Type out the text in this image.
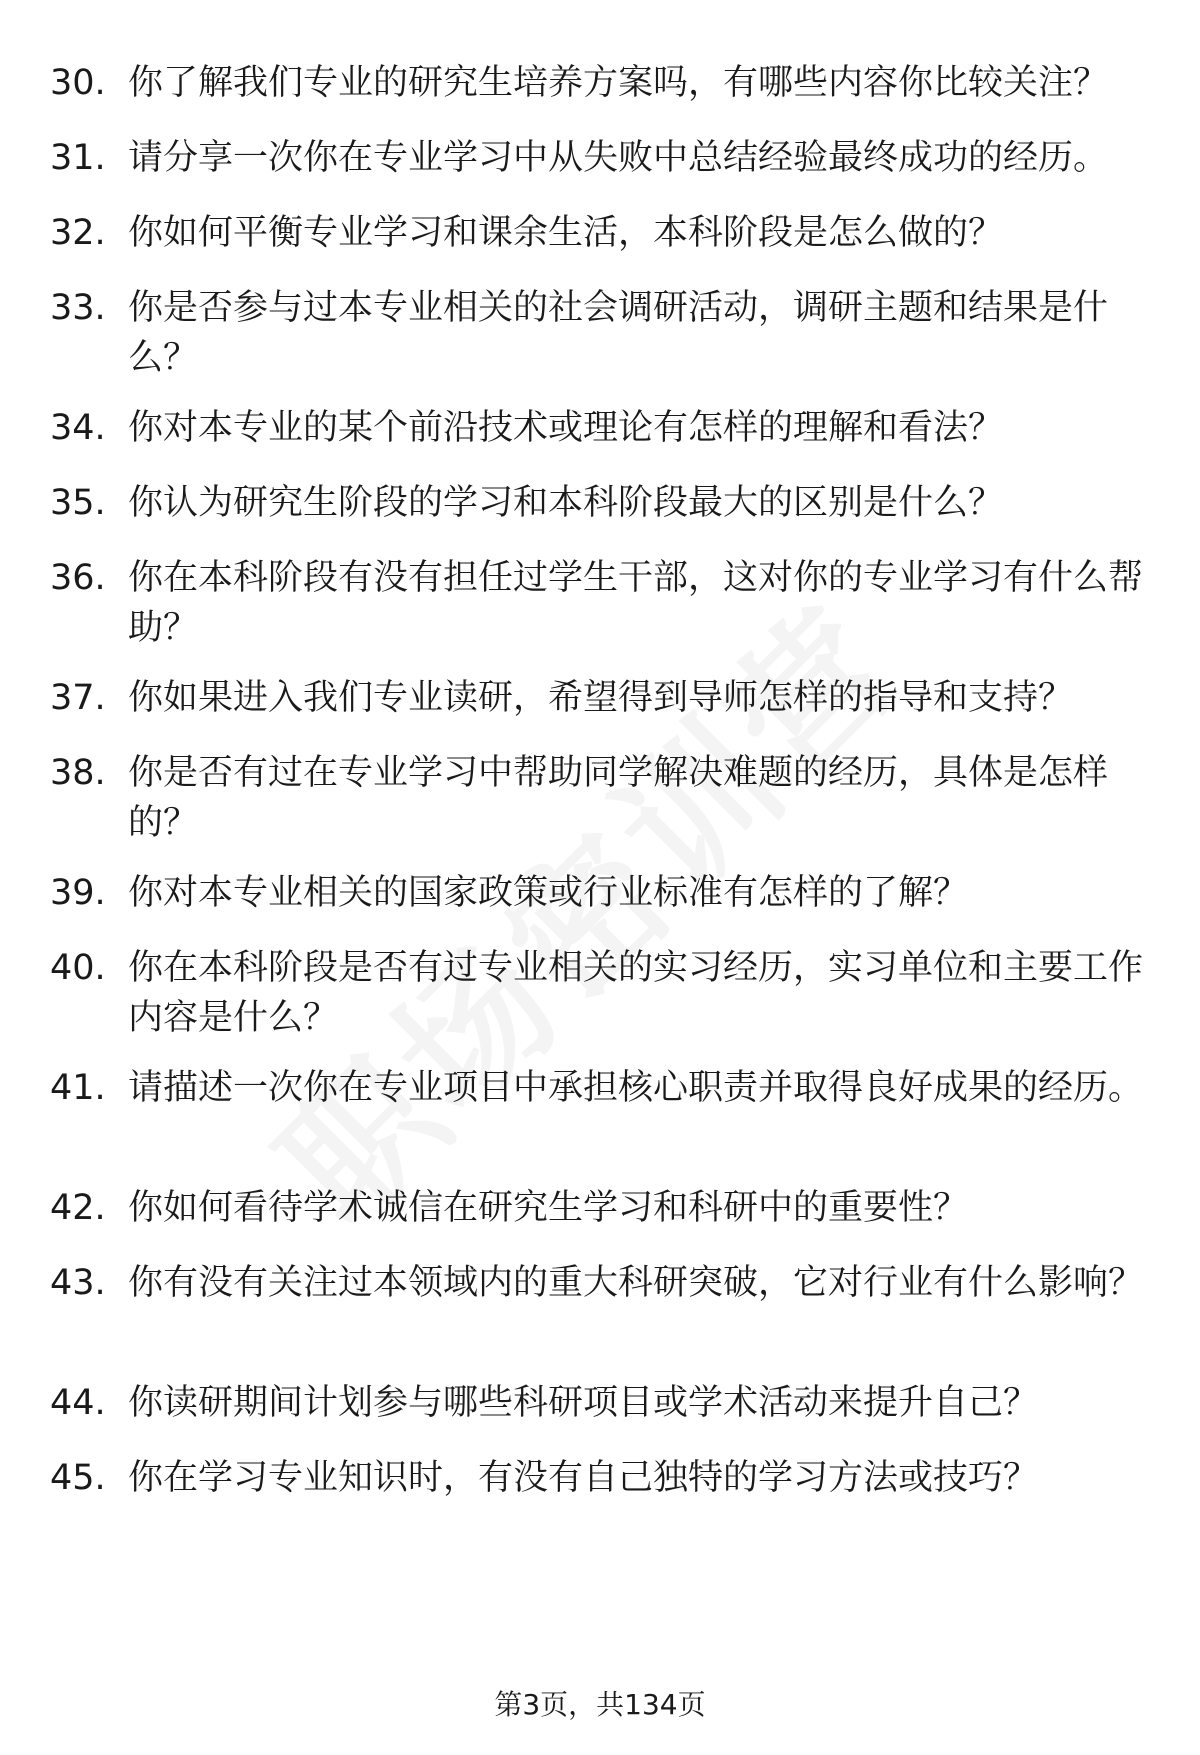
30. 你了解我们专业的研究生培养方案吗，有哪些内容你比较关注？
31. 请分享一次你在专业学习中从失败中总结经验最终成功的经历。
32. 你如何平衡专业学习和课余生活，本科阶段是怎么做的？
33. 你是否参与过本专业相关的社会调研活动，调研主题和结果是什么？
34. 你对本专业的某个前沿技术或理论有怎样的理解和看法？
35. 你认为研究生阶段的学习和本科阶段最大的区别是什么？
36. 你在本科阶段有没有担任过学生干部，这对你的专业学习有什么帮助？
37. 你如果进入我们专业读研，希望得到导师怎样的指导和支持？
38. 你是否有过在专业学习中帮助同学解决难题的经历，具体是怎样的？
39. 你对本专业相关的国家政策或行业标准有怎样的了解？
40. 你在本科阶段是否有过专业相关的实习经历，实习单位和主要工作内容是什么？
41. 请描述一次你在专业项目中承担核心职责并取得良好成果的经历。
42. 你如何看待学术诚信在研究生学习和科研中的重要性？
43. 你有没有关注过本领域内的重大科研突破，它对行业有什么影响？
44. 你读研期间计划参与哪些科研项目或学术活动来提升自己？
45. 你在学习专业知识时，有没有自己独特的学习方法或技巧？
第3页，共134页
